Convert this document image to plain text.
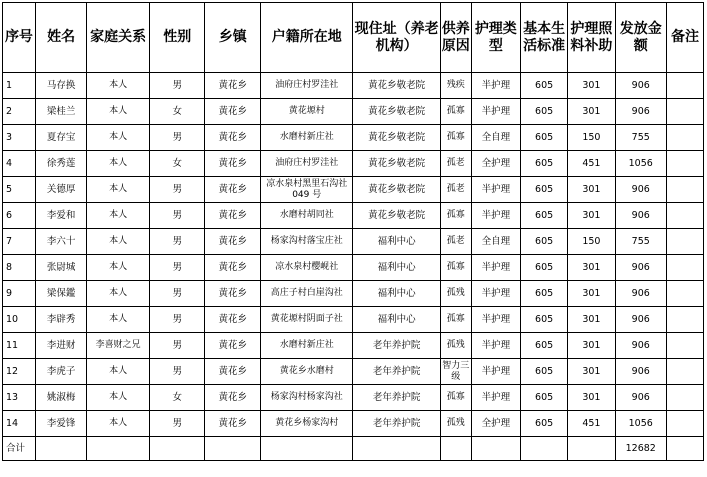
序号	姓名	家庭关系	性别	乡镇	户籍所在地	现住址（养老机构）	供养原因	护理类型	基本生活标准	护理照料补助	发放金额	备注
1	马存换	本人	男	黄花乡	油府庄村罗洼社	黄花乡敬老院	残疾	半护理	605	301	906	
2	梁桂兰	本人	女	黄花乡	黄花塬村	黄花乡敬老院	孤寡	半护理	605	301	906	
3	夏存宝	本人	男	黄花乡	水磨村新庄社	黄花乡敬老院	孤寡	全自理	605	150	755	
4	徐秀莲	本人	女	黄花乡	油府庄村罗洼社	黄花乡敬老院	孤老	全护理	605	451	1056	
5	关德厚	本人	男	黄花乡	凉水泉村黑里石沟社049 号	黄花乡敬老院	孤老	半护理	605	301	906	
6	李爱和	本人	男	黄花乡	水磨村胡同社	黄花乡敬老院	孤寡	半护理	605	301	906	
7	李六十	本人	男	黄花乡	杨家沟村落宝庄社	福利中心	孤老	全自理	605	150	755	
8	张尉城	本人	男	黄花乡	凉水泉村樱岘社	福利中心	孤寡	半护理	605	301	906	
9	梁保鑑	本人	男	黄花乡	高庄子村白崖沟社	福利中心	孤残	半护理	605	301	906	
10	李辟秀	本人	男	黄花乡	黄花塬村阴面子社	福利中心	孤寡	半护理	605	301	906	
11	李进财	李喜财之兄	男	黄花乡	水磨村新庄社	老年养护院	孤残	半护理	605	301	906	
12	李虎子	本人	男	黄花乡	黄花乡水磨村	老年养护院	智力三级	半护理	605	301	906	
13	姚淑梅	本人	女	黄花乡	杨家沟村杨家沟社	老年养护院	孤寡	半护理	605	301	906	
14	李爱锋	本人	男	黄花乡	黄花乡杨家沟村	老年养护院	孤残	全护理	605	451	1056	
合计											12682	
